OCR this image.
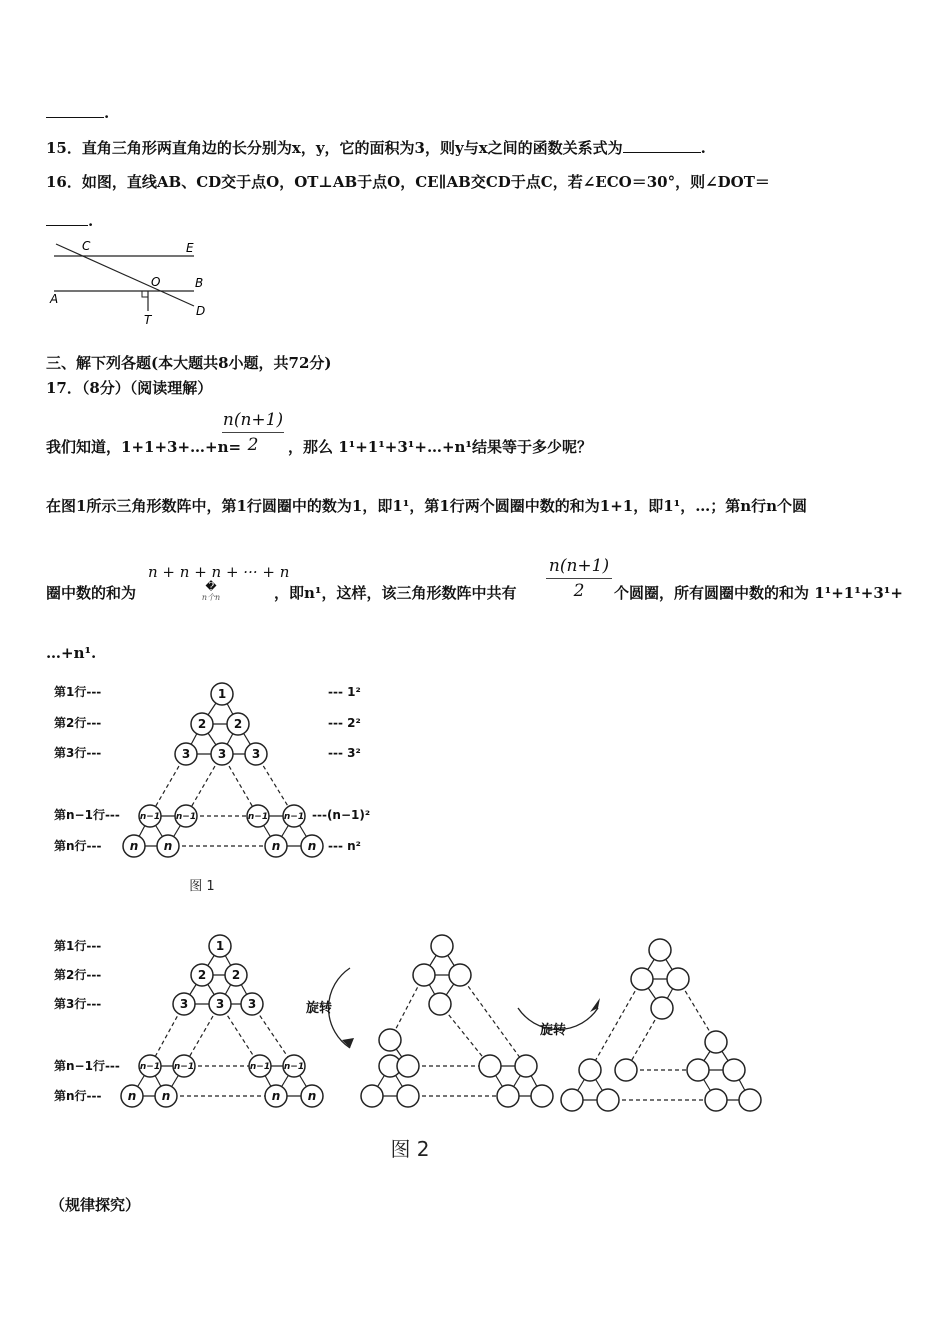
.
15．直角三角形两直角边的长分别为x，y，它的面积为3，则y与x之间的函数关系式为	.
16．如图，直线AB、CD交于点O，OT⊥AB于点O，CE∥AB交CD于点C，若∠ECO＝30°，则∠DOT＝
.
C	E
O	B
A
T
D
三、解下列各题(本大题共8小题，共72分)
17．（8分）（阅读理解）
我们知道，1+1+3+…+n=
n(n+1)
2	，那么 1¹+1¹+3¹+…+n¹结果等于多少呢？
在图1所示三角形数阵中，第1行圆圈中的数为1，即1¹，第1行两个圆圈中数的和为1+1，即1¹，…；第n行n个圆
圈中数的和为
n + n + n + ··· + n
�
n个n	，即n¹，这样，该三角形数阵中共有
n(n+1)
2	个圆圈，所有圆圈中数的和为 1¹+1¹+3¹+
…+n¹.
第1行---
第2行---
第3行---
第n−1行---
第n行---
--- 1²
--- 2²
--- 3²
---(n−1)²
--- n²
1
2 2
3 3 3
n−1 n−1	n−1 n−1
n n	n n
图 1
第1行---
第2行---
第3行---
第n−1行---
第n行---
1
2 2
3 3 3
n−1 n−1	n−1 n−1
n n	n n
旋转
旋转
图 2
（规律探究）
